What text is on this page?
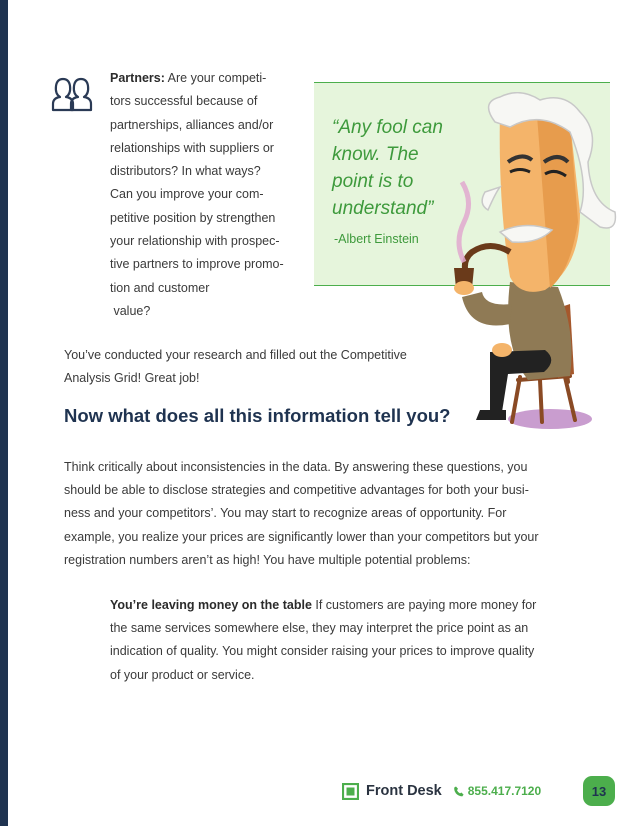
Partners: Are your competi-
tors successful because of
partnerships, alliances and/or
relationships with suppliers or
distributors? In what ways?
Can you improve your com-
petitive position by strengthen
your relationship with prospec-
tive partners to improve promo-
tion and customer
value?
“Any fool can
know. The
point is to
understand”
-Albert Einstein
You’ve conducted your research and filled out the Competitive
Analysis Grid! Great job!
Now what does all this information tell you?
Think critically about inconsistencies in the data. By answering these questions, you
should be able to disclose strategies and competitive advantages for both your busi-
ness and your competitors’. You may start to recognize areas of opportunity. For
example, you realize your prices are significantly lower than your competitors but your
registration numbers aren’t as high! You have multiple potential problems:
You’re leaving money on the table If customers are paying more money for
the same services somewhere else, they may interpret the price point as an
indication of quality. You might consider raising your prices to improve quality
of your product or service.
Front Desk 855.417.7120	13
